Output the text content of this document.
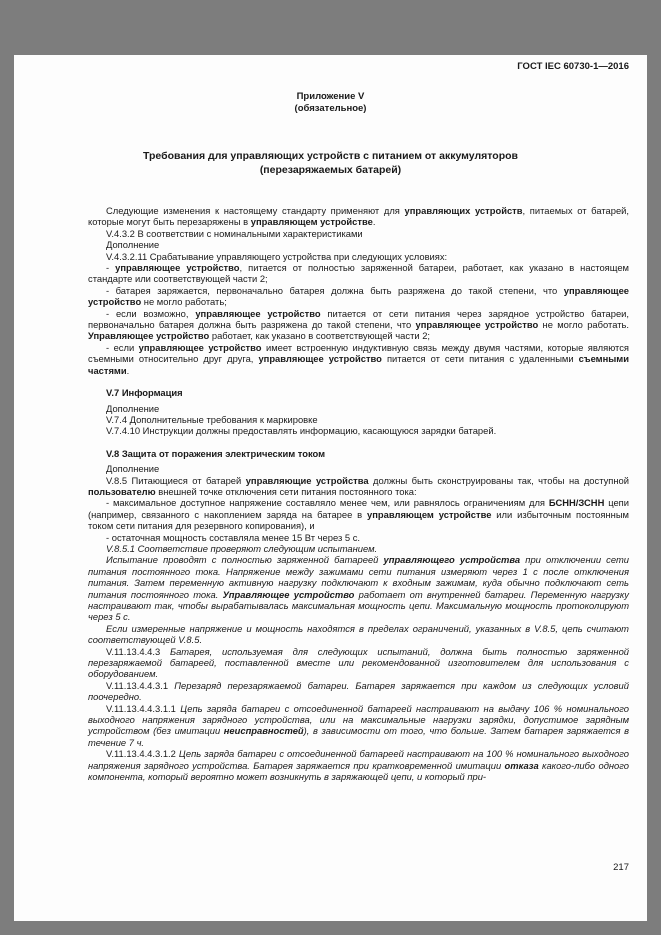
ГОСТ IEC 60730-1—2016
Приложение V
(обязательное)
Требования для управляющих устройств с питанием от аккумуляторов
(перезаряжаемых батарей)

Следующие изменения к настоящему стандарту применяют для управляющих устройств, питаемых от батарей, которые могут быть перезаряжены в управляющем устройстве.

V.4.3.2 В соответствии с номинальными характеристиками

Дополнение

V.4.3.2.11 Срабатывание управляющего устройства при следующих условиях:

- управляющее устройство, питается от полностью заряженной батареи, работает, как указано в настоящем стандарте или соответствующей части 2;

- батарея заряжается, первоначально батарея должна быть разряжена до такой степени, что управляющее устройство не могло работать;

- если возможно, управляющее устройство питается от сети питания через зарядное устройство батареи, первоначально батарея должна быть разряжена до такой степени, что управляющее устройство не могло работать. Управляющее устройство работает, как указано в соответствующей части 2;

- если управляющее устройство имеет встроенную индуктивную связь между двумя частями, которые являются съемными относительно друг друга, управляющее устройство питается от сети питания с удаленными съемными частями.

V.7 Информация

Дополнение

V.7.4 Дополнительные требования к маркировке

V.7.4.10 Инструкции должны предоставлять информацию, касающуюся зарядки батарей.

V.8 Защита от поражения электрическим током

Дополнение

V.8.5 Питающиеся от батарей управляющие устройства должны быть сконструированы так, чтобы на доступной пользователю внешней точке отключения сети питания постоянного тока:

- максимальное доступное напряжение составляло менее чем, или равнялось ограничениям для БСНН/ЗСНН цепи (например, связанного с накоплением заряда на батарее в управляющем устройстве или избыточным постоянным током сети питания для резервного копирования), и

- остаточная мощность составляла менее 15 Вт через 5 с.

V.8.5.1 Соответствие проверяют следующим испытанием.

Испытание проводят с полностью заряженной батареей управляющего устройства при отключении сети питания постоянного тока. Напряжение между зажимами сети питания измеряют через 1 с после отключения питания. Затем переменную активную нагрузку подключают к входным зажимам, куда обычно подключают сеть питания постоянного тока. Управляющее устройство работает от внутренней батареи. Переменную нагрузку настраивают так, чтобы вырабатывалась максимальная мощность цепи. Максимальную мощность протоколируют через 5 с.

Если измеренные напряжение и мощность находятся в пределах ограничений, указанных в V.8.5, цепь считают соответствующей V.8.5.

V.11.13.4.4.3 Батарея, используемая для следующих испытаний, должна быть полностью заряженной перезаряжаемой батареей, поставленной вместе или рекомендованной изготовителем для использования с оборудованием.

V.11.13.4.4.3.1 Перезаряд перезаряжаемой батареи. Батарея заряжается при каждом из следующих условий поочередно.

V.11.13.4.4.3.1.1 Цепь заряда батареи с отсоединенной батареей настраивают на выдачу 106 % номинального выходного напряжения зарядного устройства, или на максимальные нагрузки зарядки, допустимое зарядным устройством (без имитации неисправностей), в зависимости от того, что больше. Затем батарея заряжается в течение 7 ч.

V.11.13.4.4.3.1.2 Цепь заряда батареи с отсоединенной батареей настраивают на 100 % номинального выходного напряжения зарядного устройства. Батарея заряжается при кратковременной имитации отказа какого-либо одного компонента, который вероятно может возникнуть в заряжающей цепи, и который при-

217
